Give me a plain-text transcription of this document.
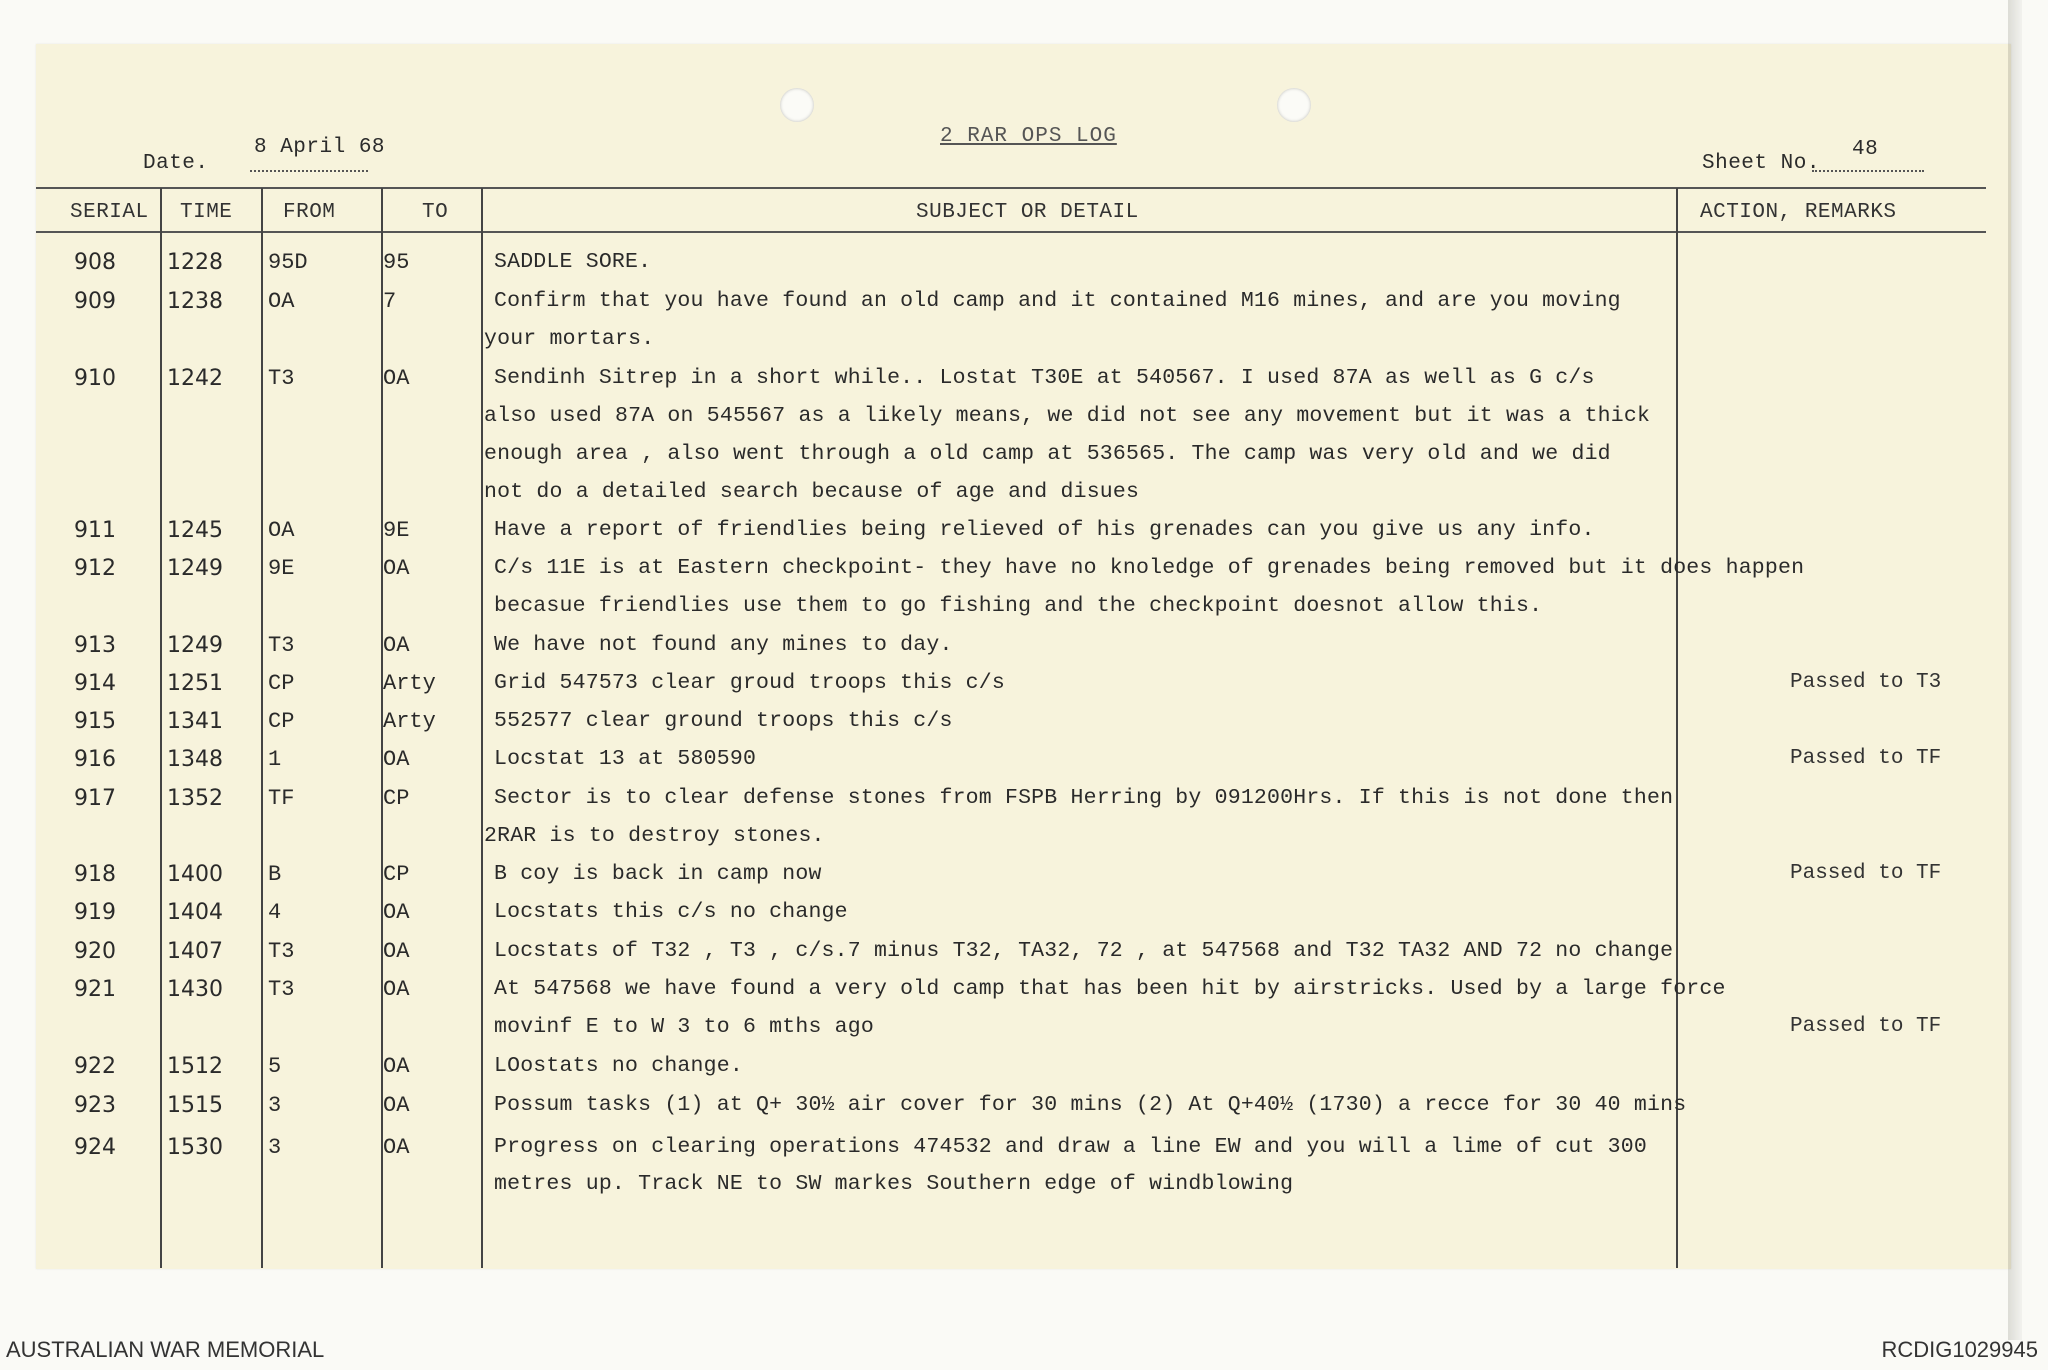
Date.
8 April 68	2 RAR OPS LOG
Sheet No.
48
SERIAL TIME FROM	TO	SUBJECT OR DETAIL	ACTION, REMARKS
908 1228 95D	95	SADDLE SORE.
909 1238 OA	7	Confirm that you have found an old camp and it contained M16 mines, and are you moving
your mortars.
910 1242 T3	OA	Sendinh Sitrep in a short while.. Lostat T30E at 540567. I used 87A as well as G c/s
also used 87A on 545567 as a likely means, we did not see any movement but it was a thick
enough area , also went through a old camp at 536565. The camp was very old and we did
not do a detailed search because of age and disues
911 1245 OA	9E	Have a report of friendlies being relieved of his grenades can you give us any info.
912 1249 9E	OA	C/s 11E is at Eastern checkpoint- they have no knoledge of grenades being removed but it does happen
becasue friendlies use them to go fishing and the checkpoint doesnot allow this.
913 1249 T3	OA	We have not found any mines to day.
914 1251 CP	Arty	Grid 547573 clear groud troops this c/s	Passed to T3
915 1341 CP	Arty	552577 clear ground troops this c/s
916 1348 1	OA	Locstat 13 at 580590	Passed to TF
917 1352 TF	CP	Sector is to clear defense stones from FSPB Herring by 091200Hrs. If this is not done then
2RAR is to destroy stones.
918 1400 B	CP	B coy is back in camp now	Passed to TF
919 1404 4	OA	Locstats this c/s no change
920 1407 T3	OA	Locstats of T32 , T3 , c/s.7 minus T32, TA32, 72 , at 547568 and T32 TA32 AND 72 no change
921 1430 T3	OA	At 547568 we have found a very old camp that has been hit by airstricks. Used by a large force
movinf E to W 3 to 6 mths ago	Passed to TF
922 1512 5	OA	LOostats no change.
923 1515 3	OA	Possum tasks (1) at Q+ 30½ air cover for 30 mins (2) At Q+40½ (1730) a recce for 30 40 mins
924 1530 3	OA	Progress on clearing operations 474532 and draw a line EW and you will a lime of cut 300
metres up. Track NE to SW markes Southern edge of windblowing
AUSTRALIAN WAR MEMORIAL	RCDIG1029945
